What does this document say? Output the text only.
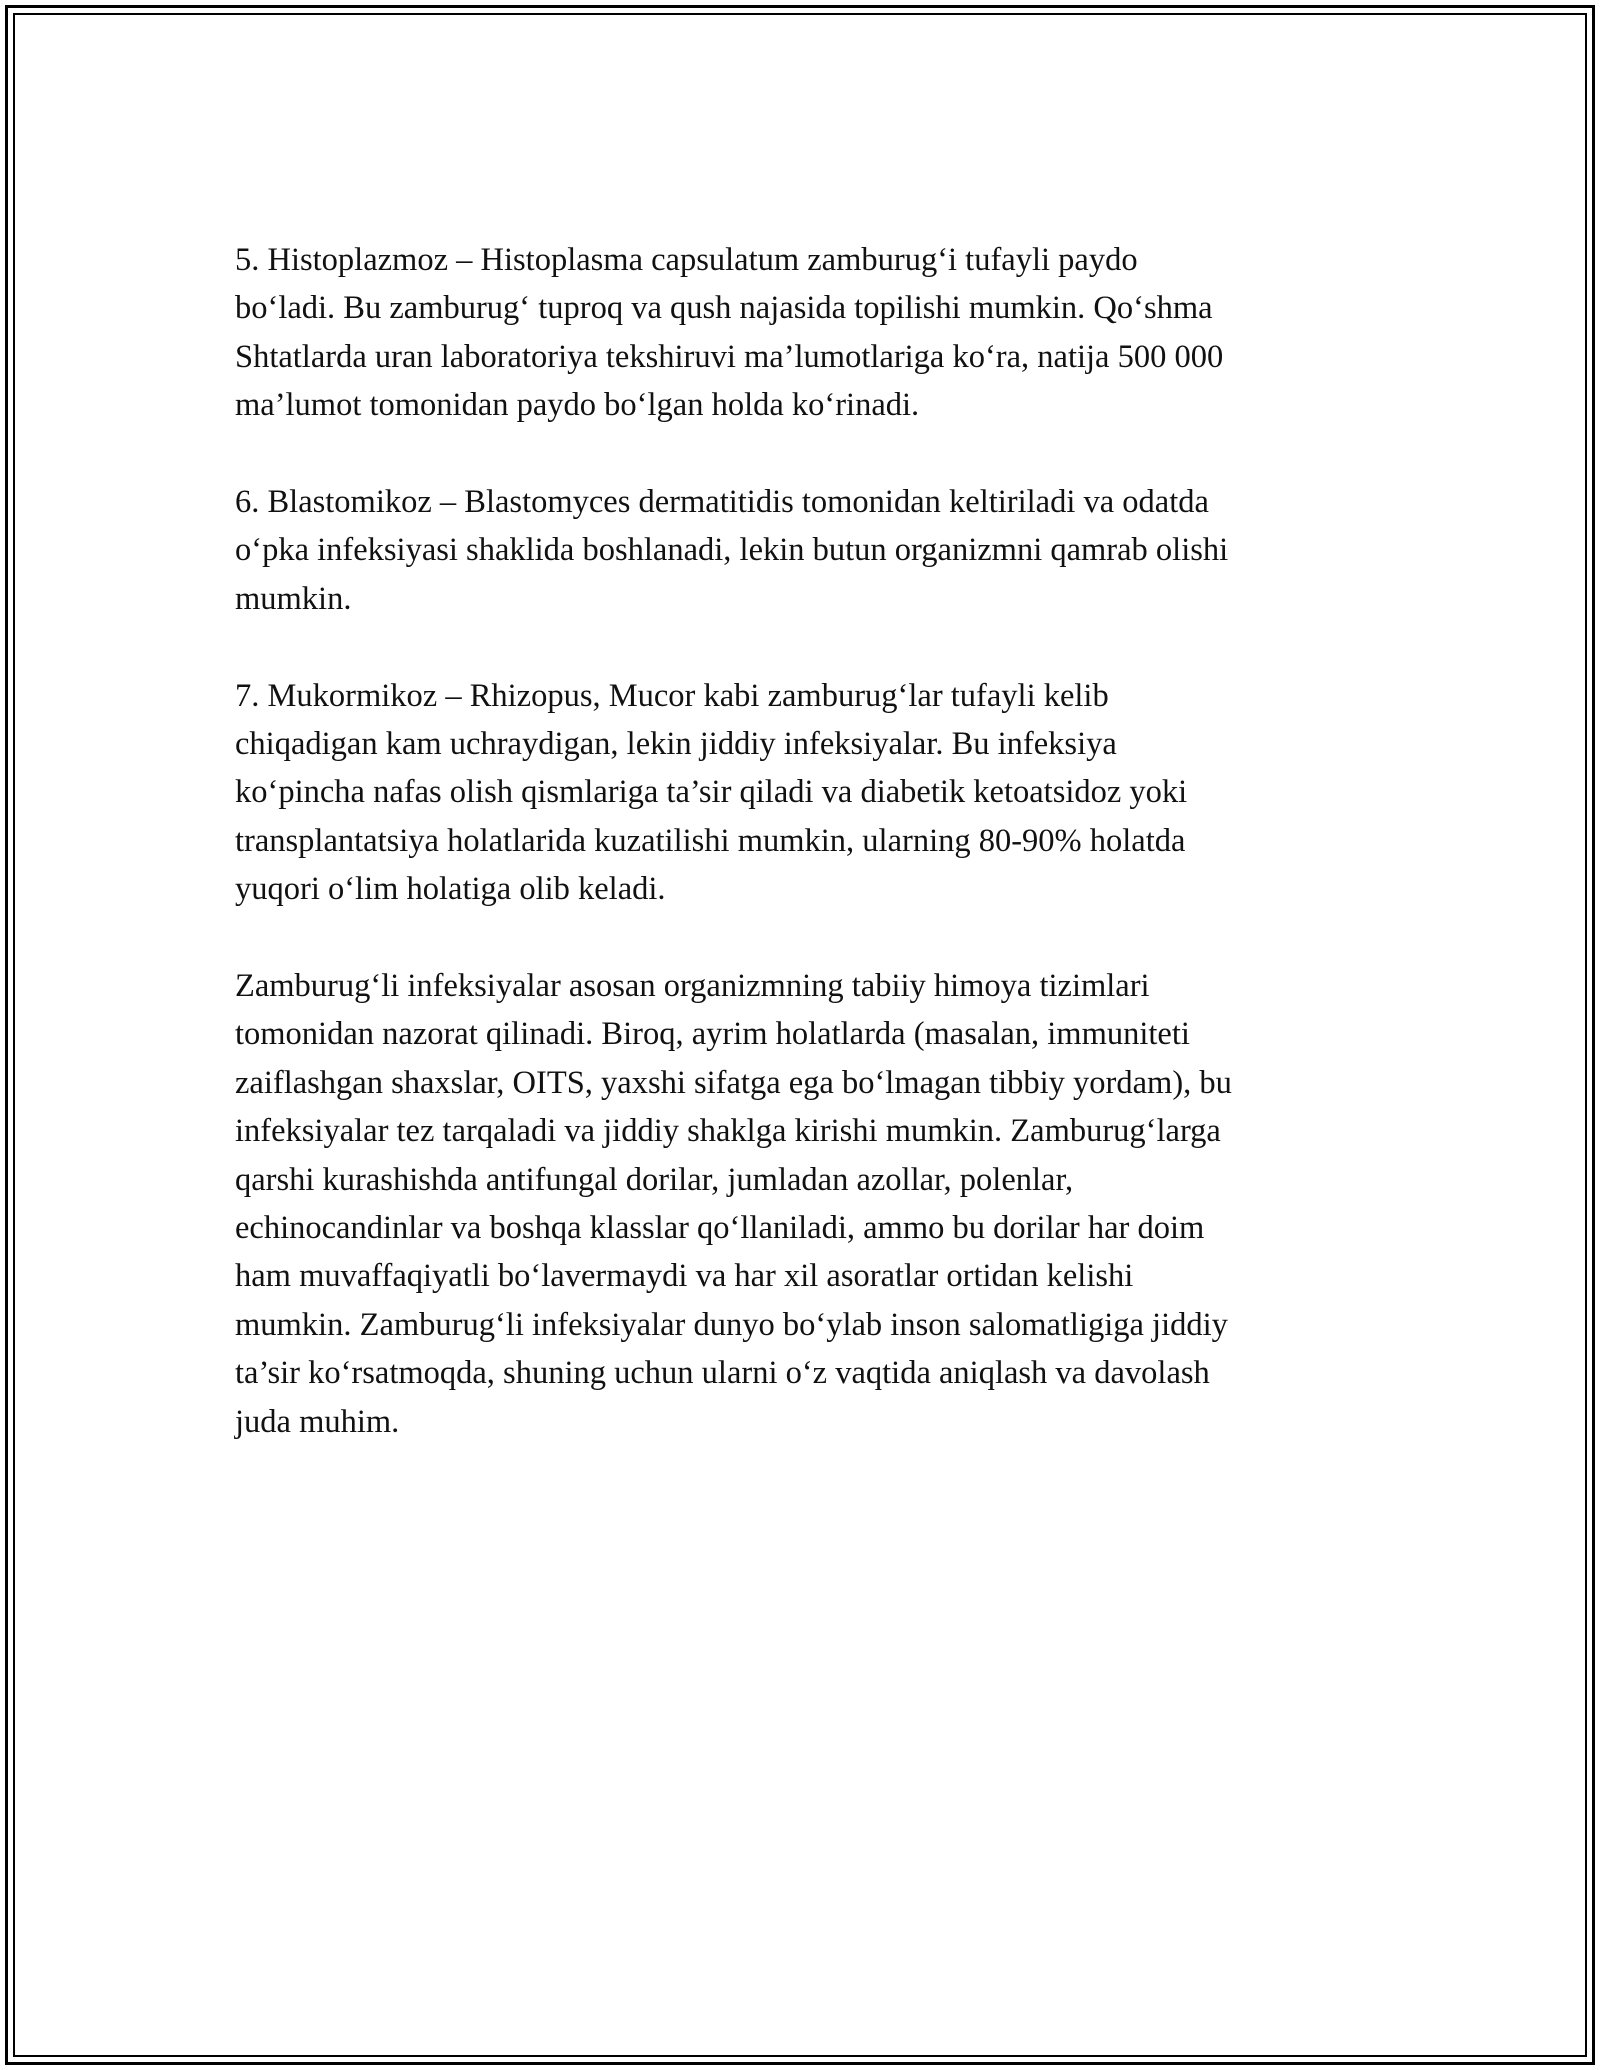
5. Histoplazmoz – Histoplasma capsulatum zamburug‘i tufayli paydo
bo‘ladi. Bu zamburug‘ tuproq va qush najasida topilishi mumkin. Qo‘shma
Shtatlarda uran laboratoriya tekshiruvi ma’lumotlariga ko‘ra, natija 500 000
ma’lumot tomonidan paydo bo‘lgan holda ko‘rinadi.

6. Blastomikoz – Blastomyces dermatitidis tomonidan keltiriladi va odatda
o‘pka infeksiyasi shaklida boshlanadi, lekin butun organizmni qamrab olishi
mumkin.

7. Mukormikoz – Rhizopus, Mucor kabi zamburug‘lar tufayli kelib
chiqadigan kam uchraydigan, lekin jiddiy infeksiyalar. Bu infeksiya
ko‘pincha nafas olish qismlariga ta’sir qiladi va diabetik ketoatsidoz yoki
transplantatsiya holatlarida kuzatilishi mumkin, ularning 80-90% holatda
yuqori o‘lim holatiga olib keladi.

Zamburug‘li infeksiyalar asosan organizmning tabiiy himoya tizimlari
tomonidan nazorat qilinadi. Biroq, ayrim holatlarda (masalan, immuniteti
zaiflashgan shaxslar, OITS, yaxshi sifatga ega bo‘lmagan tibbiy yordam), bu
infeksiyalar tez tarqaladi va jiddiy shaklga kirishi mumkin. Zamburug‘larga
qarshi kurashishda antifungal dorilar, jumladan azollar, polenlar,
echinocandinlar va boshqa klasslar qo‘llaniladi, ammo bu dorilar har doim
ham muvaffaqiyatli bo‘lavermaydi va har xil asoratlar ortidan kelishi
mumkin. Zamburug‘li infeksiyalar dunyo bo‘ylab inson salomatligiga jiddiy
ta’sir ko‘rsatmoqda, shuning uchun ularni o‘z vaqtida aniqlash va davolash
juda muhim.
